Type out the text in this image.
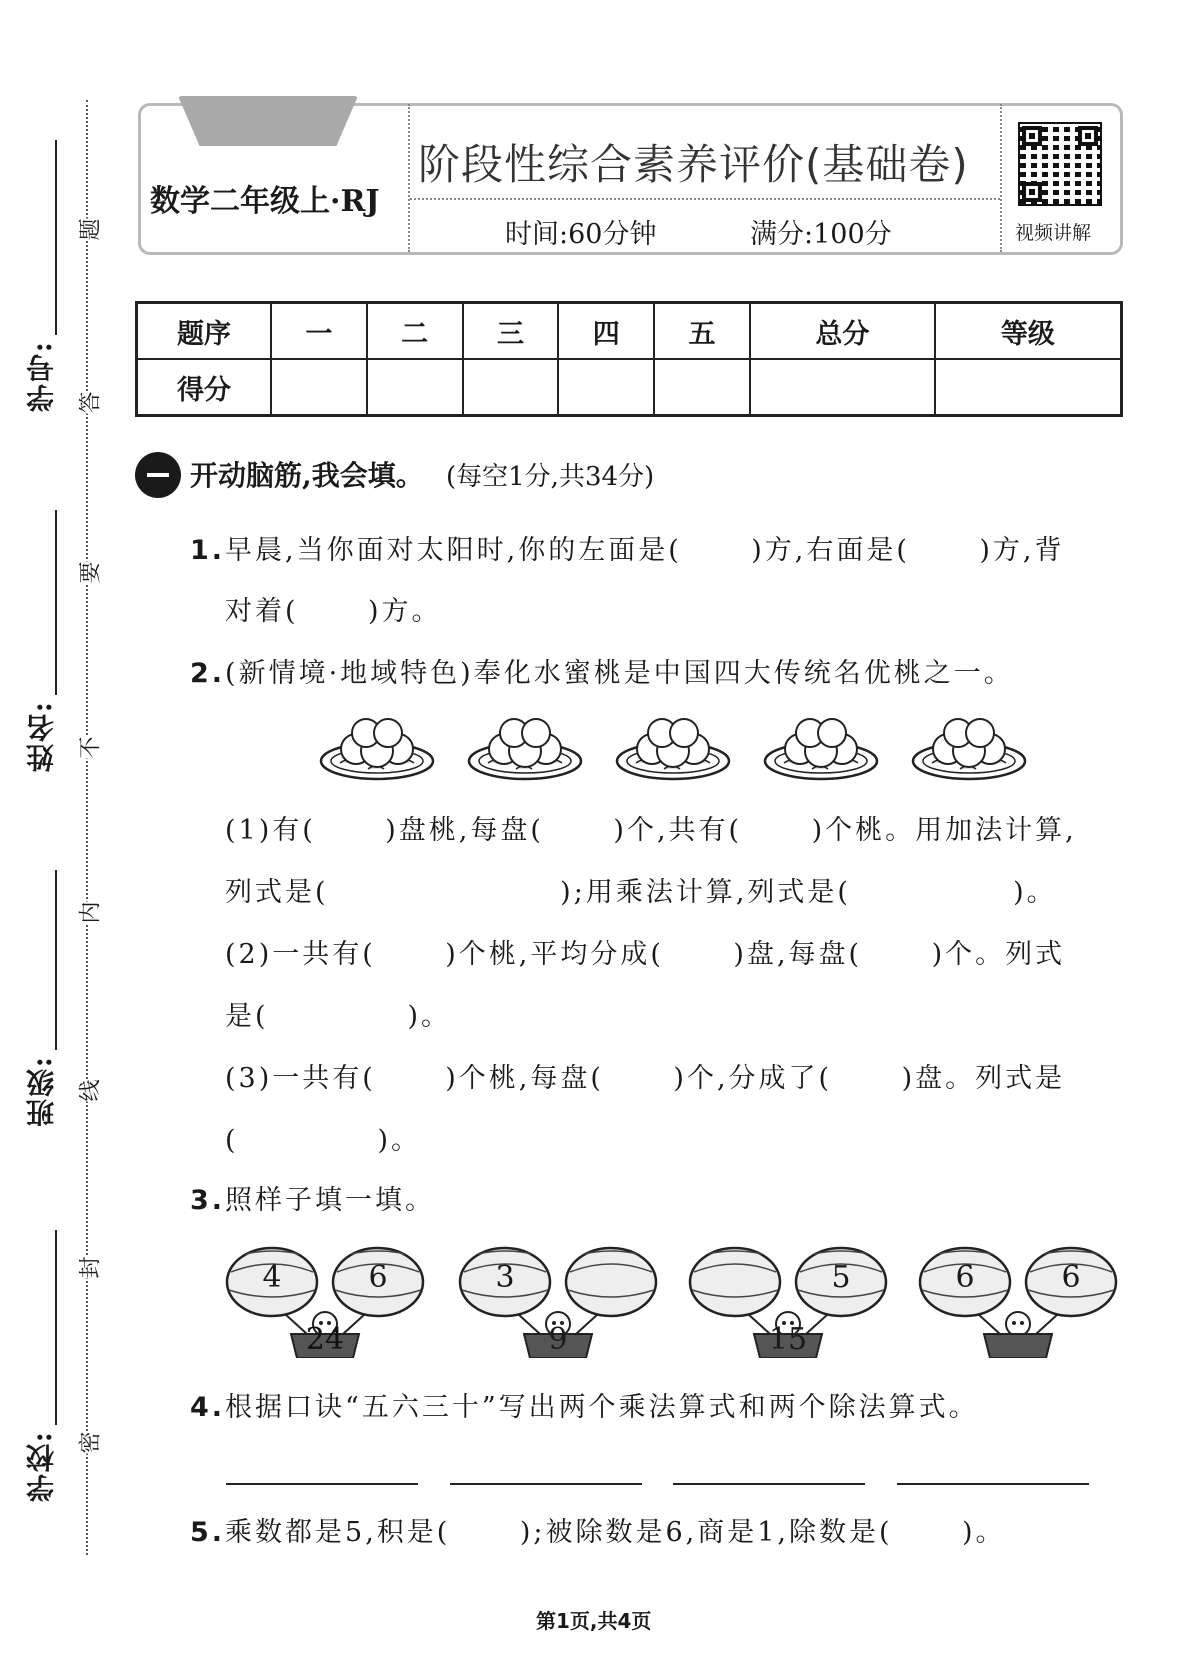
学号:
姓名:
班级:
学校:
题
答
要
不
内
线
封
密
数学二年级上·RJ
阶段性综合素养评价(基础卷)
时间:60分钟	满分:100分	视频讲解
题序	一	二	三	四	五	总分	等级
得分							
开动脑筋,我会填。 (每空1分,共34分)
1.早晨,当你面对太阳时,你的左面是(      )方,右面是(      )方,背
对着(      )方。
2.(新情境·地域特色)奉化水蜜桃是中国四大传统名优桃之一。
(1)有(      )盘桃,每盘(      )个,共有(      )个桃。用加法计算,
列式是(                    );用乘法计算,列式是(              )。
(2)一共有(      )个桃,平均分成(      )盘,每盘(      )个。列式
是(            )。
(3)一共有(      )个桃,每盘(      )个,分成了(      )盘。列式是
(            )。
3.照样子填一填。
4	6
24
3
9
5
15
6	6
4.根据口诀“五六三十”写出两个乘法算式和两个除法算式。
5.乘数都是5,积是(      );被除数是6,商是1,除数是(      )。
第1页,共4页
